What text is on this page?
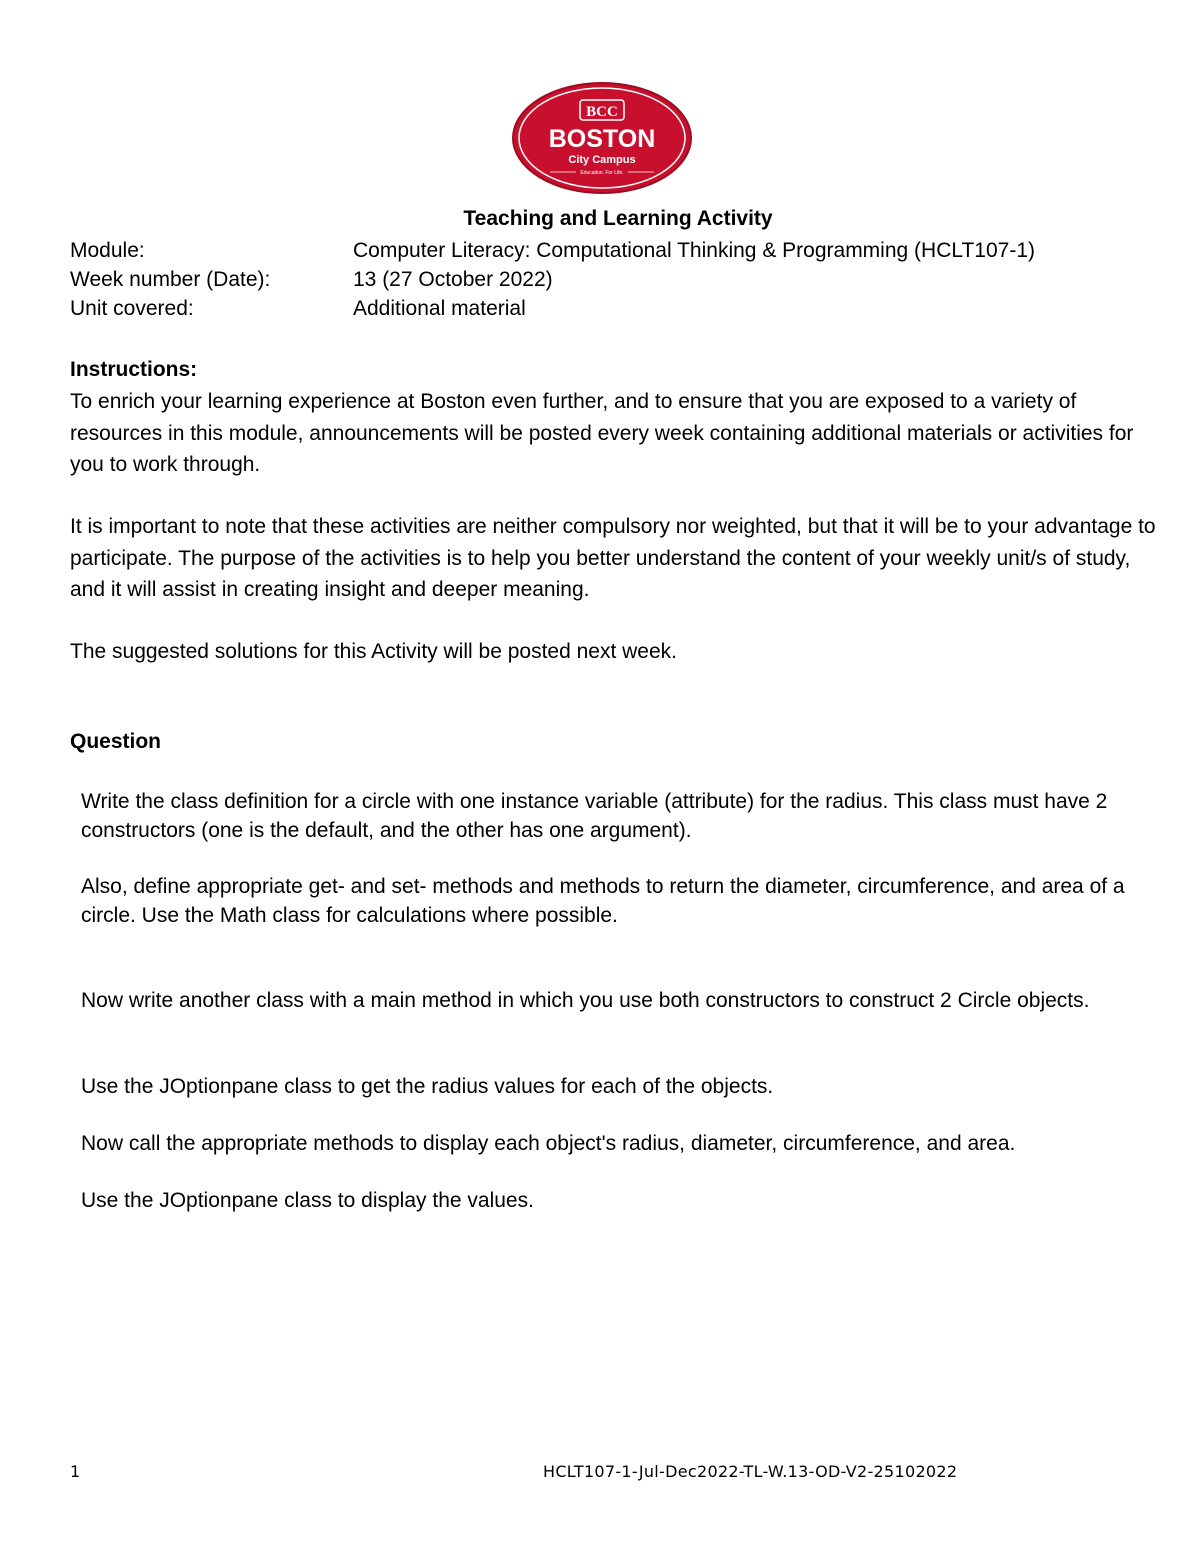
BCC
BOSTON
City Campus
Education. For Life.
Teaching and Learning Activity
Module:	Computer Literacy: Computational Thinking & Programming (HCLT107-1)
Week number (Date):	13 (27 October 2022)
Unit covered:	Additional material
Instructions:
To enrich your learning experience at Boston even further, and to ensure that you are exposed to a variety of resources in this module, announcements will be posted every week containing additional materials or activities for you to work through.
It is important to note that these activities are neither compulsory nor weighted, but that it will be to your advantage to participate. The purpose of the activities is to help you better understand the content of your weekly unit/s of study, and it will assist in creating insight and deeper meaning.
The suggested solutions for this Activity will be posted next week.
Question
Write the class definition for a circle with one instance variable (attribute) for the radius. This class must have 2 constructors (one is the default, and the other has one argument).
Also, define appropriate get- and set- methods and methods to return the diameter, circumference, and area of a circle. Use the Math class for calculations where possible.
Now write another class with a main method in which you use both constructors to construct 2 Circle objects.
Use the JOptionpane class to get the radius values for each of the objects.
Now call the appropriate methods to display each object's radius, diameter, circumference, and area.
Use the JOptionpane class to display the values.
1	HCLT107-1-Jul-Dec2022-TL-W.13-OD-V2-25102022
